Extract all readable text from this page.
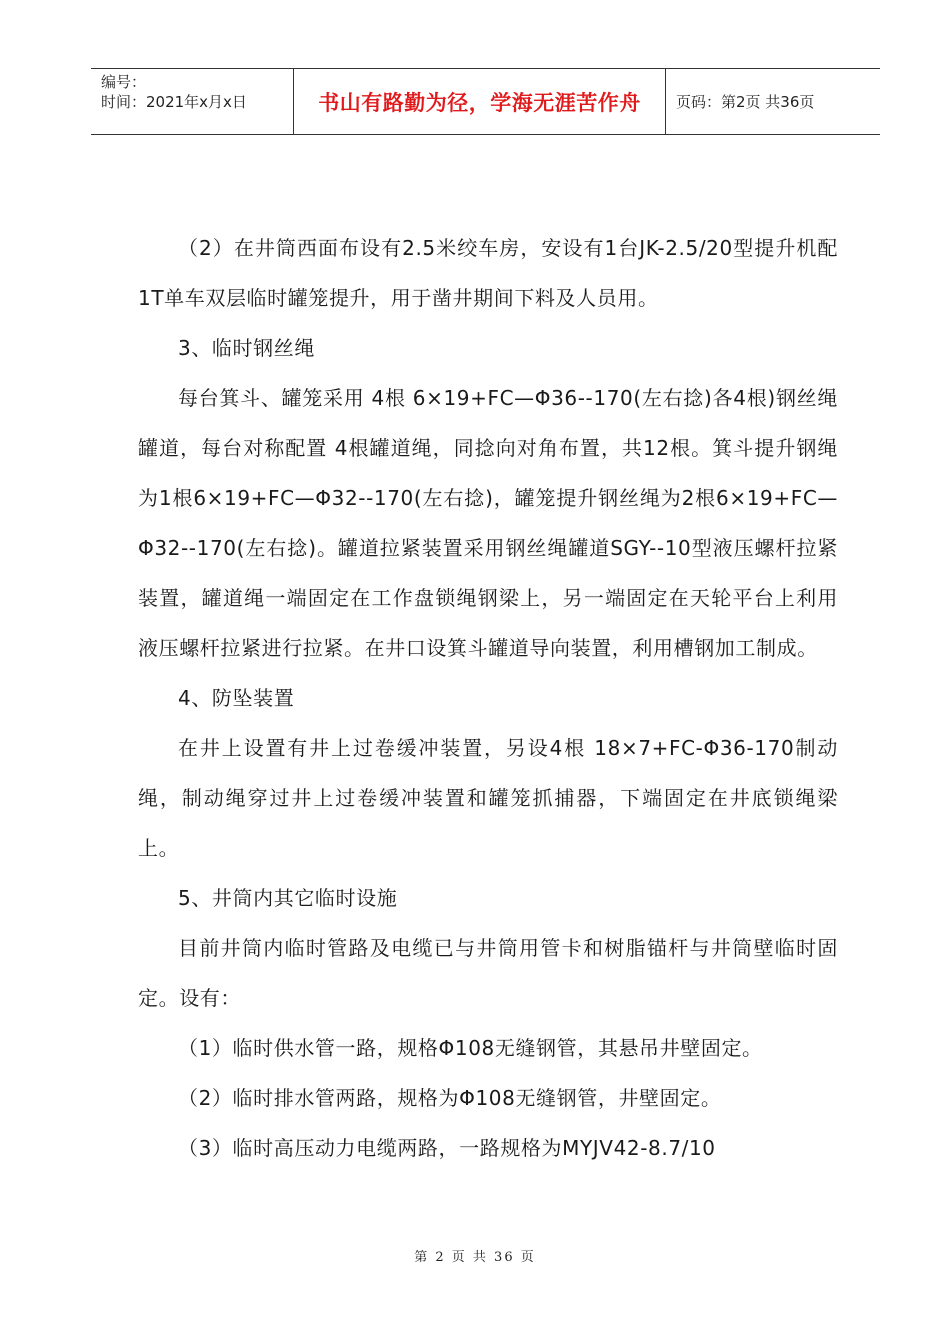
编号：
时间：2021年x月x日	书山有路勤为径，学海无涯苦作舟	页码：第2页 共36页

（2）在井筒西面布设有2.5米绞车房，安设有1台JK-2.5/20型提升机配1T单车双层临时罐笼提升，用于凿井期间下料及人员用。

3、临时钢丝绳

每台箕斗、罐笼采用 4根 6×19+FC—Φ36--170(左右捻)各4根)钢丝绳罐道，每台对称配置 4根罐道绳，同捻向对角布置，共12根。箕斗提升钢绳为1根6×19+FC—Φ32--170(左右捻)，罐笼提升钢丝绳为2根6×19+FC—Φ32--170(左右捻)。罐道拉紧装置采用钢丝绳罐道SGY--10型液压螺杆拉紧装置，罐道绳一端固定在工作盘锁绳钢梁上，另一端固定在天轮平台上利用液压螺杆拉紧进行拉紧。在井口设箕斗罐道导向装置，利用槽钢加工制成。

4、防坠装置

在井上设置有井上过卷缓冲装置，另设4根 18×7+FC-Φ36-170制动绳，制动绳穿过井上过卷缓冲装置和罐笼抓捕器，下端固定在井底锁绳梁上。

5、井筒内其它临时设施

目前井筒内临时管路及电缆已与井筒用管卡和树脂锚杆与井筒壁临时固定。设有：

（1）临时供水管一路，规格Φ108无缝钢管，其悬吊井壁固定。

（2）临时排水管两路，规格为Φ108无缝钢管，井壁固定。

（3）临时高压动力电缆两路，一路规格为MYJV42-8.7/10

第 2 页 共 36 页
